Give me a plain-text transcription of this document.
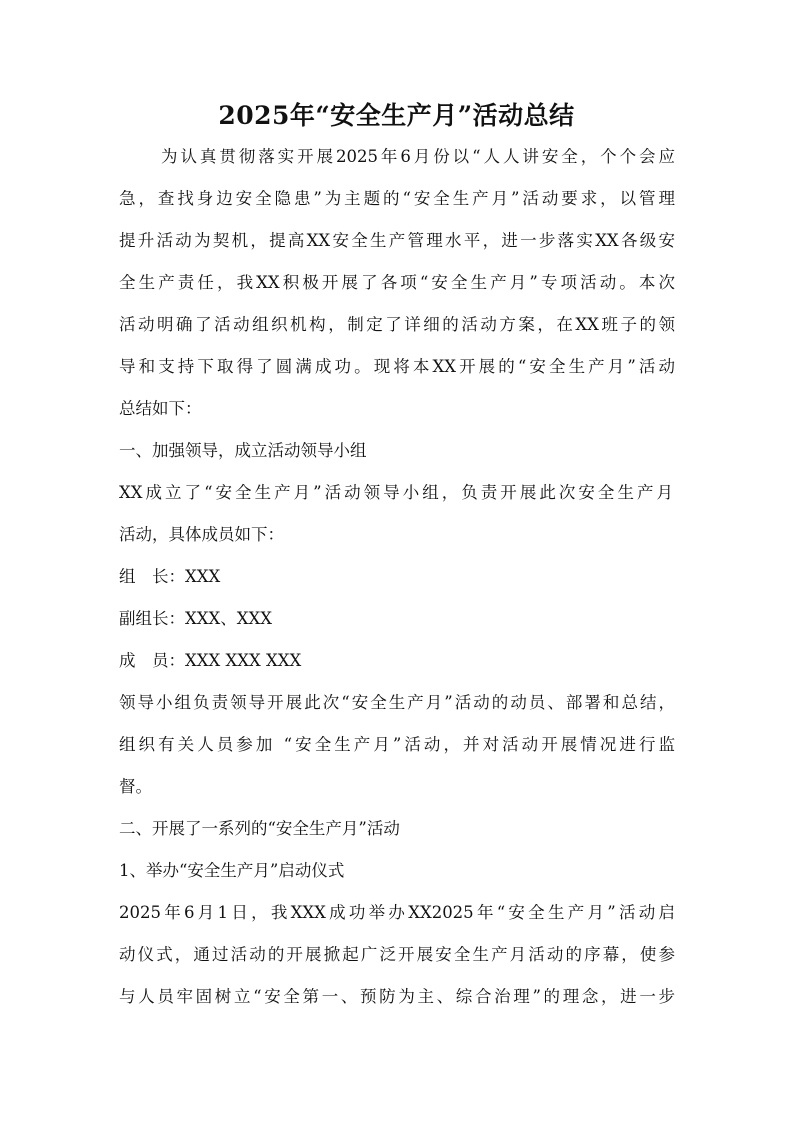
2025年“安全生产月”活动总结
为认真贯彻落实开展2025年6月份以“人人讲安全，个个会应
急，查找身边安全隐患”为主题的“安全生产月”活动要求，以管理
提升活动为契机，提高XX安全生产管理水平，进一步落实XX各级安
全生产责任，我XX积极开展了各项“安全生产月”专项活动。本次
活动明确了活动组织机构，制定了详细的活动方案，在XX班子的领
导和支持下取得了圆满成功。现将本XX开展的“安全生产月”活动
总结如下：
一、加强领导，成立活动领导小组
XX成立了“安全生产月”活动领导小组，负责开展此次安全生产月
活动，具体成员如下：
组　长：XXX
副组长：XXX、XXX
成　员：XXX XXX XXX
领导小组负责领导开展此次“安全生产月”活动的动员、部署和总结，
组织有关人员参加 “安全生产月”活动，并对活动开展情况进行监
督。
二、开展了一系列的“安全生产月”活动
1、举办“安全生产月”启动仪式
2025年6月1日，我XXX成功举办XX2025年“安全生产月”活动启
动仪式，通过活动的开展掀起广泛开展安全生产月活动的序幕，使参
与人员牢固树立“安全第一、预防为主、综合治理”的理念，进一步
